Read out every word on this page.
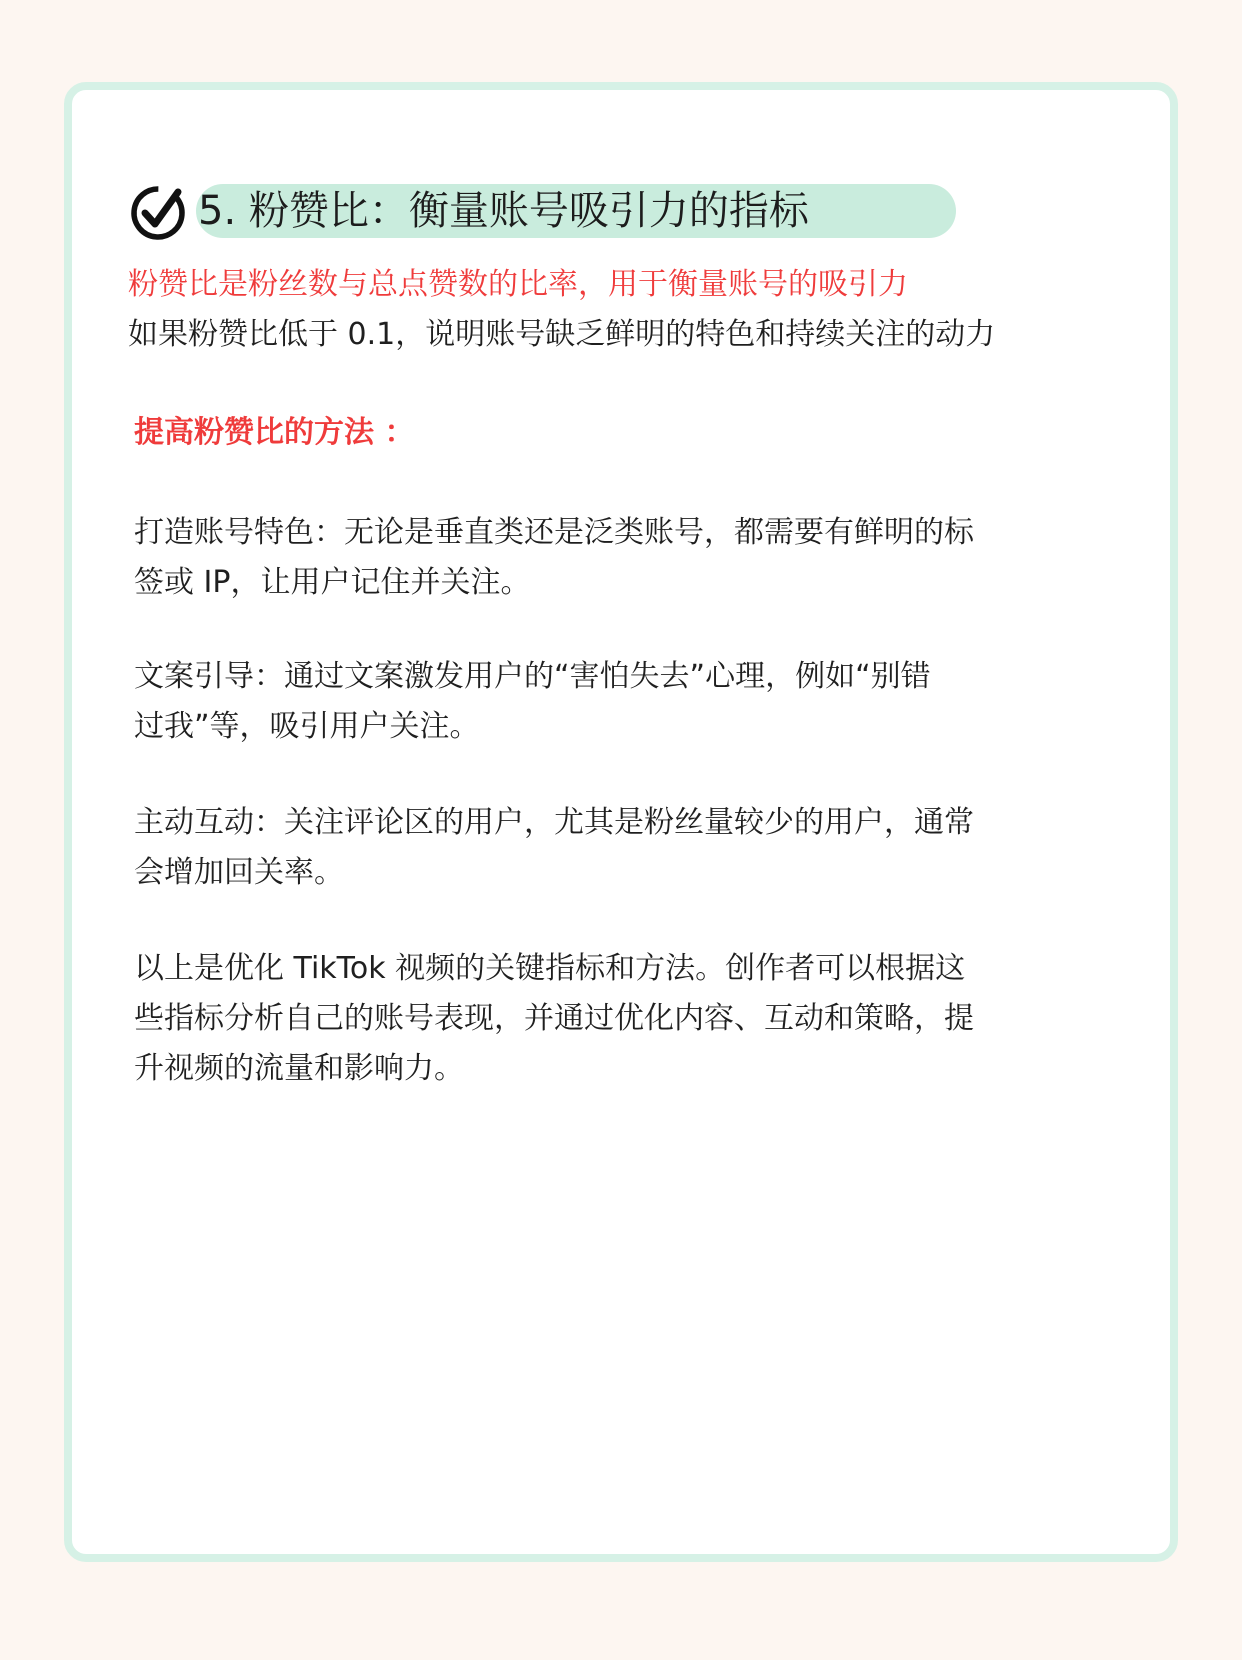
5. 粉赞比：衡量账号吸引力的指标

粉赞比是粉丝数与总点赞数的比率，用于衡量账号的吸引力

如果粉赞比低于 0.1，说明账号缺乏鲜明的特色和持续关注的动力

提高粉赞比的方法 ：

打造账号特色：无论是垂直类还是泛类账号，都需要有鲜明的标

签或 IP，让用户记住并关注。

文案引导：通过文案激发用户的“害怕失去”心理，例如“别错

过我”等，吸引用户关注。

主动互动：关注评论区的用户，尤其是粉丝量较少的用户，通常

会增加回关率。

以上是优化 TikTok 视频的关键指标和方法。创作者可以根据这

些指标分析自己的账号表现，并通过优化内容、互动和策略，提

升视频的流量和影响力。
